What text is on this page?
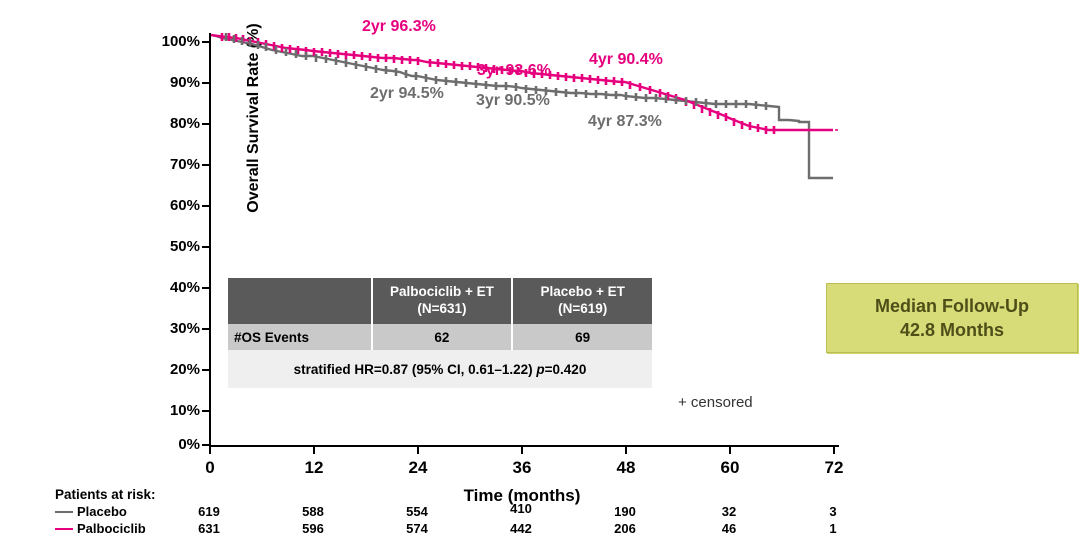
Overall Survival Rate (%)
100%
90%
80%
70%
60%
50%
40%
30%
20%
10%
0%
0	12	24	36	48	60	72
Time (months)
2yr 96.3%
3yr 93.6%
4yr 90.4%
2yr 94.5% 3yr 90.5%
4yr 87.3%

Palbociclib + ET
(N=631)

Placebo + ET
(N=619)

#OS Events	62	69
stratified HR=0.87 (95% CI, 0.61–1.22) p=0.420		
+ censored
Median Follow-Up
42.8 Months
Patients at risk:
Placebo	619	588	554	410	190	32	3
Palbociclib	631	596	574	442	206	46	1
